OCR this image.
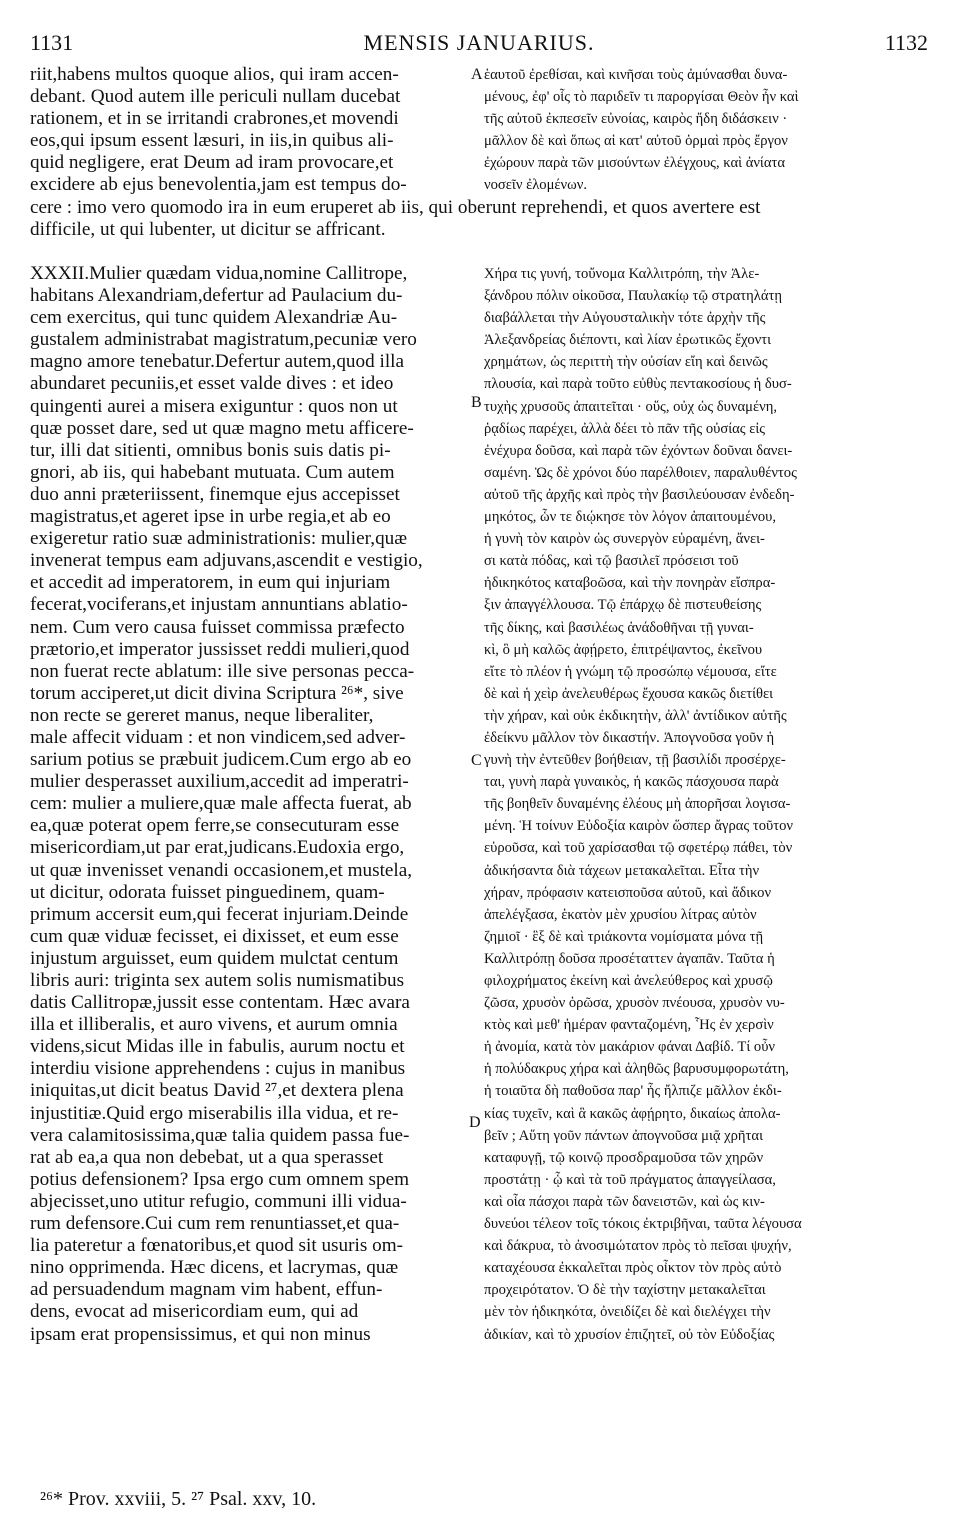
1131	MENSIS JANUARIUS.	1132
riit,habens multos quoque alios, qui iram accen-
debant. Quod autem ille periculi nullam ducebat
rationem, et in se irritandi crabrones,et movendi
eos,qui ipsum essent læsuri, in iis,in quibus ali-
quid negligere, erat Deum ad iram provocare,et
excidere ab ejus benevolentia,jam est tempus do-
ἑαυτοῦ ἐρεθίσαι, καὶ κινῆσαι τοὺς ἀμύνασθαι δυνα-
μένους, ἐφ' οἷς τὸ παριδεῖν τι παροργίσαι Θεὸν ἦν καὶ
τῆς αὐτοῦ ἐκπεσεῖν εὐνοίας, καιρὸς ἤδη διδάσκειν ·
μᾶλλον δὲ καὶ ὅπως αἱ κατ' αὐτοῦ ὁρμαὶ πρὸς ἔργον
ἐχώρουν παρὰ τῶν μισούντων ἐλέγχους, καὶ ἀνίατα
νοσεῖν ἐλομένων.
cere : imo vero quomodo ira in eum eruperet ab iis, qui oberunt reprehendi, et quos avertere est
difficile, ut qui lubenter, ut dicitur se affricant.
XXXII.Mulier quædam vidua,nomine Callitrope,
habitans Alexandriam,defertur ad Paulacium du-
cem exercitus, qui tunc quidem Alexandriæ Au-
gustalem administrabat magistratum,pecuniæ vero
magno amore tenebatur.Defertur autem,quod illa
abundaret pecuniis,et esset valde dives : et ideo
quingenti aurei a misera exiguntur : quos non ut
quæ posset dare, sed ut quæ magno metu afficere-
tur, illi dat sitienti, omnibus bonis suis datis pi-
gnori, ab iis, qui habebant mutuata. Cum autem
duo anni præteriissent, finemque ejus accepisset
magistratus,et ageret ipse in urbe regia,et ab eo
exigeretur ratio suæ administrationis: mulier,quæ
invenerat tempus eam adjuvans,ascendit e vestigio,
et accedit ad imperatorem, in eum qui injuriam
fecerat,vociferans,et injustam annuntians ablatio-
nem. Cum vero causa fuisset commissa præfecto
prætorio,et imperator jussisset reddi mulieri,quod
non fuerat recte ablatum: ille sive personas pecca-
torum acciperet,ut dicit divina Scriptura ²⁶*, sive
non recte se gereret manus, neque liberaliter,
male affecit viduam : et non vindicem,sed adver-
sarium potius se præbuit judicem.Cum ergo ab eo
mulier desperasset auxilium,accedit ad imperatri-
cem: mulier a muliere,quæ male affecta fuerat, ab
ea,quæ poterat opem ferre,se consecuturam esse
misericordiam,ut par erat,judicans.Eudoxia ergo,
ut quæ invenisset venandi occasionem,et mustela,
ut dicitur, odorata fuisset pinguedinem, quam-
primum accersit eum,qui fecerat injuriam.Deinde
cum quæ viduæ fecisset, ei dixisset, et eum esse
injustum arguisset, eum quidem mulctat centum
libris auri: triginta sex autem solis numismatibus
datis Callitropæ,jussit esse contentam. Hæc avara
illa et illiberalis, et auro vivens, et aurum omnia
videns,sicut Midas ille in fabulis, aurum noctu et
interdiu visione apprehendens : cujus in manibus
iniquitas,ut dicit beatus David ²⁷,et dextera plena
injustitiæ.Quid ergo miserabilis illa vidua, et re-
vera calamitosissima,quæ talia quidem passa fue-
rat ab ea,a qua non debebat, ut a qua sperasset
potius defensionem? Ipsa ergo cum omnem spem
abjecisset,uno utitur refugio, communi illi vidua-
rum defensore.Cui cum rem renuntiasset,et qua-
lia pateretur a fœnatoribus,et quod sit usuris om-
nino opprimenda. Hæc dicens, et lacrymas, quæ
ad persuadendum magnam vim habent, effun-
dens, evocat ad misericordiam eum, qui ad
ipsam erat propensissimus, et qui non minus
Χήρα τις γυνή, τοὔνομα Καλλιτρόπη, τὴν Ἀλε-
ξάνδρου πόλιν οἰκοῦσα, Παυλακίῳ τῷ στρατηλάτῃ
διαβάλλεται τὴν Αὐγουσταλικὴν τότε ἀρχὴν τῆς
Ἀλεξανδρείας διέποντι, καὶ λίαν ἐρωτικῶς ἔχοντι
χρημάτων, ὡς περιττὴ τὴν οὐσίαν εἴη καὶ δεινῶς
πλουσία, καὶ παρὰ τοῦτο εὐθὺς πεντακοσίους ἡ δυσ-
τυχὴς χρυσοῦς ἀπαιτεῖται · οὕς, οὐχ ὡς δυναμένη,
ῥᾳδίως παρέχει, ἀλλὰ δέει τὸ πᾶν τῆς οὐσίας εἰς
ἐνέχυρα δοῦσα, καὶ παρὰ τῶν ἐχόντων δοῦναι δανει-
σαμένη. Ὡς δὲ χρόνοι δύο παρέλθοιεν, παραλυθέντος
αὐτοῦ τῆς ἀρχῆς καὶ πρὸς τὴν βασιλεύουσαν ἐνδεδη-
μηκότος, ὧν τε διῴκησε τὸν λόγον ἀπαιτουμένου,
ἡ γυνὴ τὸν καιρὸν ὡς συνεργὸν εὑραμένη, ἄνει-
σι κατὰ πόδας, καὶ τῷ βασιλεῖ πρόσεισι τοῦ
ἠδικηκότος καταβοῶσα, καὶ τὴν πονηρὰν εἴσπρα-
ξιν ἀπαγγέλλουσα. Τῷ ἐπάρχῳ δὲ πιστευθείσης
τῆς δίκης, καὶ βασιλέως ἀνάδοθῆναι τῇ γυναι-
κὶ, ὃ μὴ καλῶς ἀφῄρετο, ἐπιτρέψαντος, ἐκεῖνου
εἴτε τὸ πλέον ἡ γνώμη τῷ προσώπῳ νέμουσα, εἴτε
δὲ καὶ ἡ χεὶρ ἀνελευθέρως ἔχουσα κακῶς διετίθει
τὴν χήραν, καὶ οὐκ ἐκδικητὴν, ἀλλ' ἀντίδικον αὐτῆς
ἐδείκνυ μᾶλλον τὸν δικαστήν. Ἀπογνοῦσα γοῦν ἡ
γυνὴ τὴν ἐντεῦθεν βοήθειαν, τῇ βασιλίδι προσέρχε-
ται, γυνὴ παρὰ γυναικὸς, ἡ κακῶς πάσχουσα παρὰ
τῆς βοηθεῖν δυναμένης ἐλέους μὴ ἀπορῆσαι λογισα-
μένη. Ἡ τοίνυν Εὐδοξία καιρὸν ὥσπερ ἄγρας τοῦτον
εὑροῦσα, καὶ τοῦ χαρίσασθαι τῷ σφετέρῳ πάθει, τὸν
ἀδικήσαντα διὰ τάχεων μετακαλεῖται. Εἶτα τὴν
χήραν, πρόφασιν κατεισποῦσα αὐτοῦ, καὶ ἄδικον
ἀπελέγξασα, ἑκατὸν μὲν χρυσίου λίτρας αὐτὸν
ζημιοῖ · ἓξ δὲ καὶ τριάκοντα νομίσματα μόνα τῇ
Καλλιτρόπῃ δοῦσα προσέταττεν ἀγαπᾶν. Ταῦτα ἡ
φιλοχρήματος ἐκείνη καὶ ἀνελεύθερος καὶ χρυσῷ
ζῶσα, χρυσὸν ὁρῶσα, χρυσὸν πνέουσα, χρυσὸν νυ-
κτὸς καὶ μεθ' ἡμέραν φανταζομένη, Ἧς ἐν χερσὶν
ἡ ἀνομία, κατὰ τὸν μακάριον φάναι Δαβίδ. Τί οὖν
ἡ πολύδακρυς χήρα καὶ ἀληθῶς βαρυσυμφορωτάτη,
ἡ τοιαῦτα δὴ παθοῦσα παρ' ἧς ἤλπιζε μᾶλλον ἐκδι-
κίας τυχεῖν, καὶ ἃ κακῶς ἀφῄρητο, δικαίως ἀπολα-
βεῖν ; Αὕτη γοῦν πάντων ἀπογνοῦσα μιᾷ χρῆται
καταφυγῇ, τῷ κοινῷ προσδραμοῦσα τῶν χηρῶν
προστάτῃ · ᾧ καὶ τὰ τοῦ πράγματος ἀπαγγείλασα,
καὶ οἷα πάσχοι παρὰ τῶν δανειστῶν, καὶ ὡς κιν-
δυνεύοι τέλεον τοῖς τόκοις ἐκτριβῆναι, ταῦτα λέγουσα
καὶ δάκρυα, τὸ ἀνοσιμώτατον πρὸς τὸ πεῖσαι ψυχήν,
καταχέουσα ἐκκαλεῖται πρὸς οἶκτον τὸν πρὸς αὐτὸ
προχειρότατον. Ὁ δὲ τὴν ταχίστην μετακαλεῖται
μὲν τὸν ἠδικηκότα, ὀνειδίζει δὲ καὶ διελέγχει τὴν
ἀδικίαν, καὶ τὸ χρυσίον ἐπιζητεῖ, οὐ τὸν Εὐδοξίας
A
B
C
D
²⁶* Prov. xxviii, 5. ²⁷ Psal. xxv, 10.
